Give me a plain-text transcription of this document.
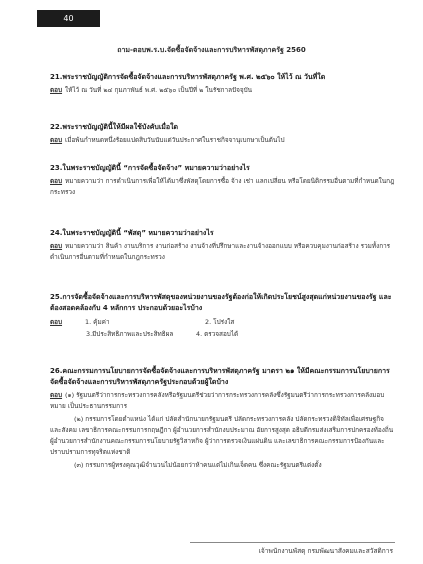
40
ถาม-ตอบพ.ร.บ.จัดซื้อจัดจ้างและการบริหารพัสดุภาครัฐ 2560

21.พระราชบัญญัติการจัดซื้อจัดจ้างและการบริหารพัสดุภาครัฐ พ.ศ. ๒๕๖๐ ให้ไว้ ณ วันที่ใด

ตอบ ให้ไว้ ณ วันที่ ๒๔ กุมภาพันธ์ พ.ศ. ๒๕๖๐ เป็นปีที่ ๒ ในรัชกาลปัจจุบัน

22.พระราชบัญญัตินี้ให้มีผลใช้บังคับเมื่อใด

ตอบ เมื่อพ้นกำหนดหนึ่งร้อยแปดสิบวันนับแต่วันประกาศในราชกิจจานุเบกษาเป็นต้นไป

23.ในพระราชบัญญัตินี้ “การจัดซื้อจัดจ้าง” หมายความว่าอย่างไร

ตอบ หมายความว่า การดำเนินการเพื่อให้ได้มาซึ่งพัสดุโดยการซื้อ จ้าง เช่า แลกเปลี่ยน หรือโดยนิติกรรมอื่นตามที่กำหนดในกฎกระทรวง

24.ในพระราชบัญญัตินี้ “พัสดุ” หมายความว่าอย่างไร

ตอบ หมายความว่า สินค้า งานบริการ งานก่อสร้าง งานจ้างที่ปรึกษาและงานจ้างออกแบบ หรือควบคุมงานก่อสร้าง รวมทั้งการดำเนินการอื่นตามที่กำหนดในกฎกระทรวง

25.การจัดซื้อจัดจ้างและการบริหารพัสดุของหน่วยงานของรัฐต้องก่อให้เกิดประโยชน์สูงสุดแก่หน่วยงานของรัฐ และต้องสอดคล้องกับ 4 หลักการ ประกอบด้วยอะไรบ้าง

ตอบ	1. คุ้มค่า	2. โปร่งใส
3.มีประสิทธิภาพและประสิทธิผล	4. ตรวจสอบได้

26.คณะกรรมการนโยบายการจัดซื้อจัดจ้างและการบริหารพัสดุภาครัฐ มาตรา ๒๑ ให้มีคณะกรรมการนโยบายการจัดซื้อจัดจ้างและการบริหารพัสดุภาครัฐประกอบด้วยผู้ใดบ้าง

ตอบ (๑) รัฐมนตรีว่าการกระทรวงการคลังหรือรัฐมนตรีช่วยว่าการกระทรวงการคลังซึ่งรัฐมนตรีว่าการกระทรวงการคลังมอบหมาย เป็นประธานกรรมการ

(๒) กรรมการโดยตำแหน่ง ได้แก่ ปลัดสำนักนายกรัฐมนตรี ปลัดกระทรวงการคลัง ปลัดกระทรวงดิจิทัลเพื่อเศรษฐกิจและสังคม เลขาธิการคณะกรรมการกฤษฎีกา ผู้อำนวยการสำนักงบประมาณ อัยการสูงสุด อธิบดีกรมส่งเสริมการปกครองท้องถิ่น ผู้อำนวยการสำนักงานคณะกรรมการนโยบายรัฐวิสาหกิจ ผู้ว่าการตรวจเงินแผ่นดิน และเลขาธิการคณะกรรมการป้องกันและปราบปรามการทุจริตแห่งชาติ

(๓) กรรมการผู้ทรงคุณวุฒิจำนวนไม่น้อยกว่าห้าคนแต่ไม่เกินเจ็ดคน ซึ่งคณะรัฐมนตรีแต่งตั้ง

เจ้าพนักงานพัสดุ กรมพัฒนาสังคมและสวัสดิการ
